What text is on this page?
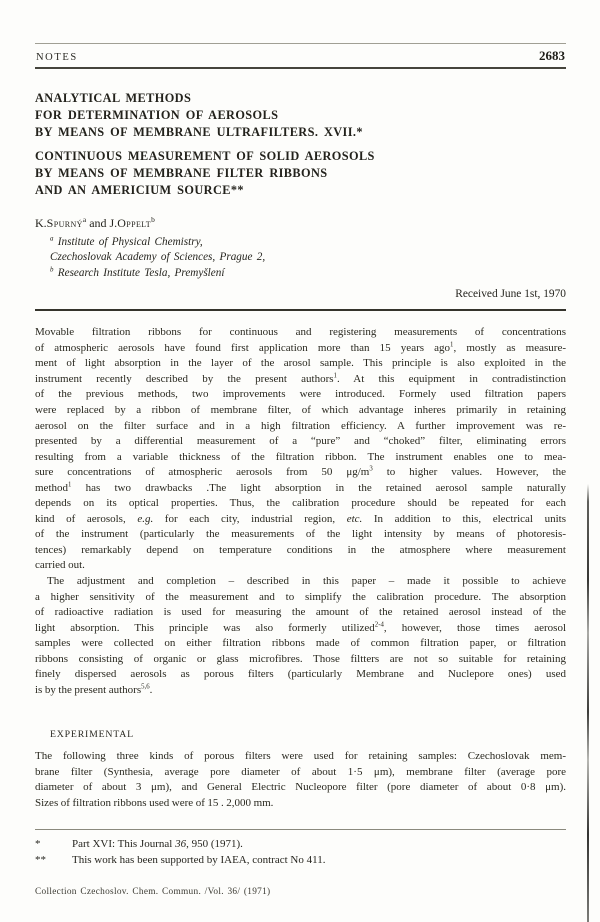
NOTES	2683
ANALYTICAL METHODS
FOR DETERMINATION OF AEROSOLS
BY MEANS OF MEMBRANE ULTRAFILTERS. XVII.*
CONTINUOUS MEASUREMENT OF SOLID AEROSOLS
BY MEANS OF MEMBRANE FILTER RIBBONS
AND AN AMERICIUM SOURCE**
K.Spurný$^a$ and J.Oppelt$^b$
$^a$ Institute of Physical Chemistry,
Czechoslovak Academy of Sciences, Prague 2,
$^b$ Research Institute Tesla, Premyšlení
Received June 1st, 1970
Movable filtration ribbons for continuous and registering measurements of concentrations
of atmospheric aerosols have found first application more than 15 years ago$^1$, mostly as measure-
ment of light absorption in the layer of the arosol sample. This principle is also exploited in the
instrument recently described by the present authors$^1$. At this equipment in contradistinction
of the previous methods, two improvements were introduced. Formely used filtration papers
were replaced by a ribbon of membrane filter, of which advantage inheres primarily in retaining
aerosol on the filter surface and in a high filtration efficiency. A further improvement was re-
presented by a differential measurement of a “pure” and “choked” filter, eliminating errors
resulting from a variable thickness of the filtration ribbon. The instrument enables one to mea-
sure concentrations of atmospheric aerosols from 50 $\mu g/m^3$ to higher values. However, the
method$^1$ has two drawbacks .The light absorption in the retained aerosol sample naturally
depends on its optical properties. Thus, the calibration procedure should be repeated for each
kind of aerosols, e.g. for each city, industrial region, etc. In addition to this, electrical units
of the instrument (particularly the measurements of the light intensity by means of photoresis-
tences) remarkably depend on temperature conditions in the atmosphere where measurement
carried out.
The adjustment and completion – described in this paper – made it possible to achieve
a higher sensitivity of the measurement and to simplify the calibration procedure. The absorption
of radioactive radiation is used for measuring the amount of the retained aerosol instead of the
light absorption. This principle was also formerly utilized$^{2-4}$, however, those times aerosol
samples were collected on either filtration ribbons made of common filtration paper, or filtration
ribbons consisting of organic or glass microfibres. Those filtters are not so suitable for retaining
finely dispersed aerosols as porous filters (particularly Membrane and Nuclepore ones) used
is by the present authors$^{5,6}$.
EXPERIMENTAL
The following three kinds of porous filters were used for retaining samples: Czechoslovak mem-
brane filter (Synthesia, average pore diameter of about 1·5 μm), membrane filter (average pore
diameter of about 3 μm), and General Electric Nucleopore filter (pore diameter of about 0·8 μm).
Sizes of filtration ribbons used were of 15 . 2,000 mm.
*	Part XVI: This Journal 36, 950 (1971).
**	This work has been supported by IAEA, contract No 411.
Collection Czechoslov. Chem. Commun. /Vol. 36/ (1971)
